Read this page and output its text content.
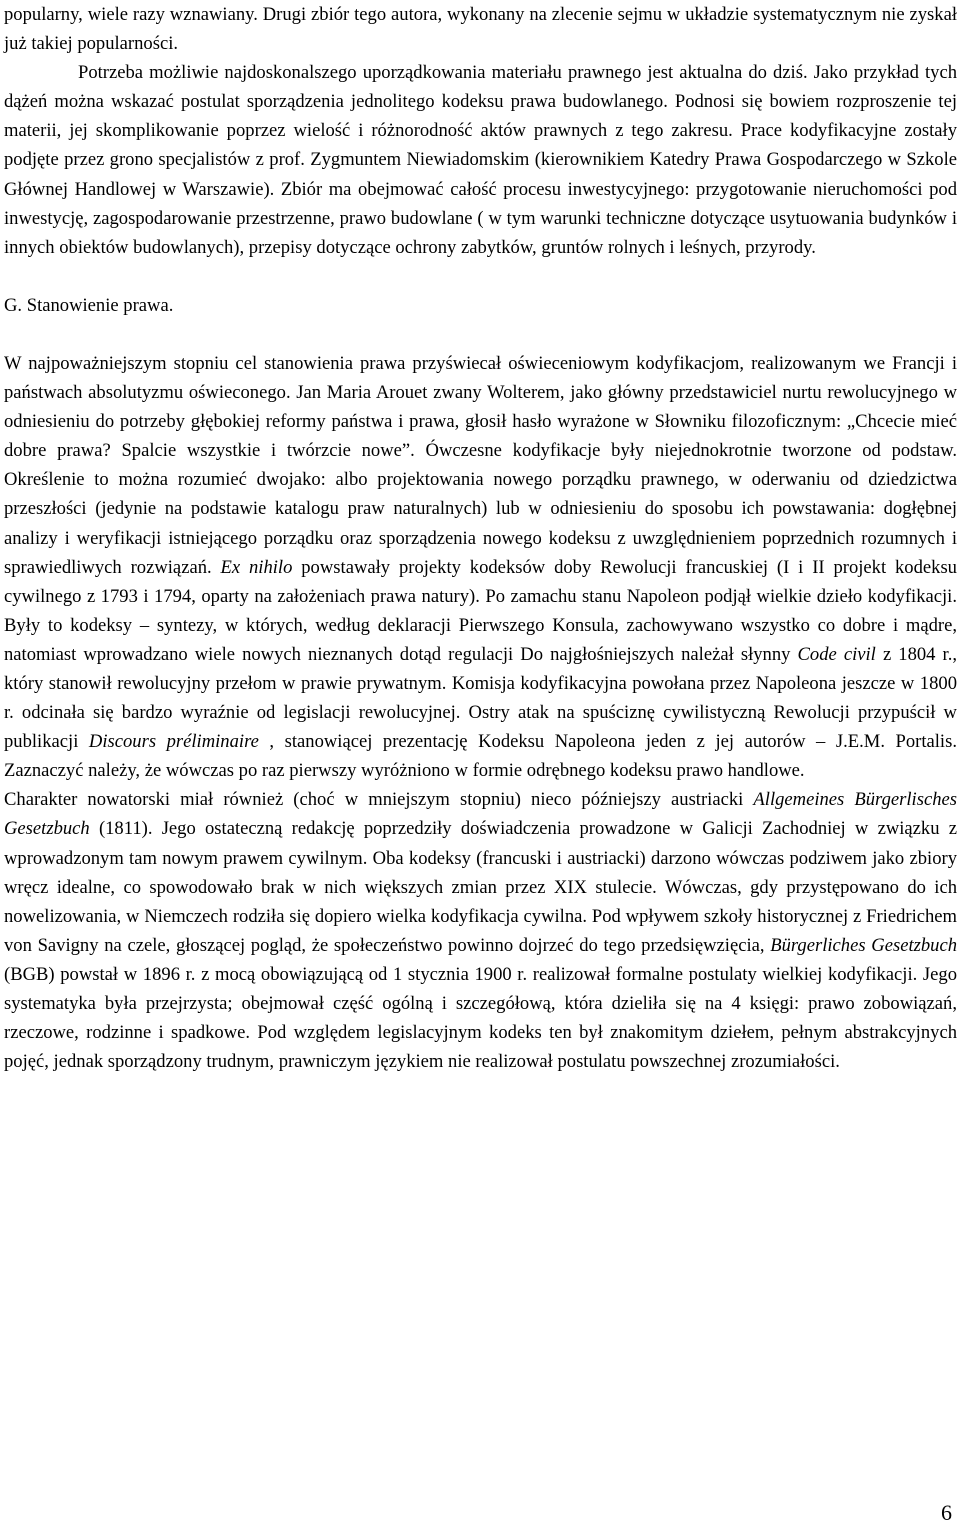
popularny, wiele razy wznawiany. Drugi zbiór tego autora, wykonany na zlecenie sejmu w układzie systematycznym nie zyskał już takiej popularności.

Potrzeba możliwie najdoskonalszego uporządkowania materiału prawnego jest aktualna do dziś. Jako przykład tych dążeń można wskazać postulat sporządzenia jednolitego kodeksu prawa budowlanego. Podnosi się bowiem rozproszenie tej materii, jej skomplikowanie poprzez wielość i różnorodność aktów prawnych z tego zakresu. Prace kodyfikacyjne zostały podjęte przez grono specjalistów z prof. Zygmuntem Niewiadomskim (kierownikiem Katedry Prawa Gospodarczego w Szkole Głównej Handlowej w Warszawie). Zbiór ma obejmować całość procesu inwestycyjnego: przygotowanie nieruchomości pod inwestycję, zagospodarowanie przestrzenne, prawo budowlane ( w tym warunki techniczne dotyczące usytuowania budynków i innych obiektów budowlanych), przepisy dotyczące ochrony zabytków, gruntów rolnych i leśnych, przyrody.

G. Stanowienie prawa.

W najpoważniejszym stopniu cel stanowienia prawa przyświecał oświeceniowym kodyfikacjom, realizowanym we Francji i państwach absolutyzmu oświeconego. Jan Maria Arouet zwany Wolterem, jako główny przedstawiciel nurtu rewolucyjnego w odniesieniu do potrzeby głębokiej reformy państwa i prawa, głosił hasło wyrażone w Słowniku filozoficznym: „Chcecie mieć dobre prawa? Spalcie wszystkie i twórzcie nowe”. Ówczesne kodyfikacje były niejednokrotnie tworzone od podstaw. Określenie to można rozumieć dwojako: albo projektowania nowego porządku prawnego, w oderwaniu od dziedzictwa przeszłości (jedynie na podstawie katalogu praw naturalnych) lub w odniesieniu do sposobu ich powstawania: dogłębnej analizy i weryfikacji istniejącego porządku oraz sporządzenia nowego kodeksu z uwzględnieniem poprzednich rozumnych i sprawiedliwych rozwiązań. Ex nihilo powstawały projekty kodeksów doby Rewolucji francuskiej (I i II projekt kodeksu cywilnego z 1793 i 1794, oparty na założeniach prawa natury). Po zamachu stanu Napoleon podjął wielkie dzieło kodyfikacji. Były to kodeksy – syntezy, w których, według deklaracji Pierwszego Konsula, zachowywano wszystko co dobre i mądre, natomiast wprowadzano wiele nowych nieznanych dotąd regulacji Do najgłośniejszych należał słynny Code civil z 1804 r., który stanowił rewolucyjny przełom w prawie prywatnym. Komisja kodyfikacyjna powołana przez Napoleona jeszcze w 1800 r. odcinała się bardzo wyraźnie od legislacji rewolucyjnej. Ostry atak na spuściznę cywilistyczną Rewolucji przypuścił w publikacji Discours préliminaire , stanowiącej prezentację Kodeksu Napoleona jeden z jej autorów – J.E.M. Portalis. Zaznaczyć należy, że wówczas po raz pierwszy wyróżniono w formie odrębnego kodeksu prawo handlowe.

Charakter nowatorski miał również (choć w mniejszym stopniu) nieco późniejszy austriacki Allgemeines Bürgerlisches Gesetzbuch (1811). Jego ostateczną redakcję poprzedziły doświadczenia prowadzone w Galicji Zachodniej w związku z wprowadzonym tam nowym prawem cywilnym. Oba kodeksy (francuski i austriacki) darzono wówczas podziwem jako zbiory wręcz idealne, co spowodowało brak w nich większych zmian przez XIX stulecie. Wówczas, gdy przystępowano do ich nowelizowania, w Niemczech rodziła się dopiero wielka kodyfikacja cywilna. Pod wpływem szkoły historycznej z Friedrichem von Savigny na czele, głoszącej pogląd, że społeczeństwo powinno dojrzeć do tego przedsięwzięcia, Bürgerliches Gesetzbuch (BGB) powstał w 1896 r. z mocą obowiązującą od 1 stycznia 1900 r. realizował formalne postulaty wielkiej kodyfikacji. Jego systematyka była przejrzysta; obejmował część ogólną i szczegółową, która dzieliła się na 4 księgi: prawo zobowiązań, rzeczowe, rodzinne i spadkowe. Pod względem legislacyjnym kodeks ten był znakomitym dziełem, pełnym abstrakcyjnych pojęć, jednak sporządzony trudnym, prawniczym językiem nie realizował postulatu powszechnej zrozumiałości.

6
